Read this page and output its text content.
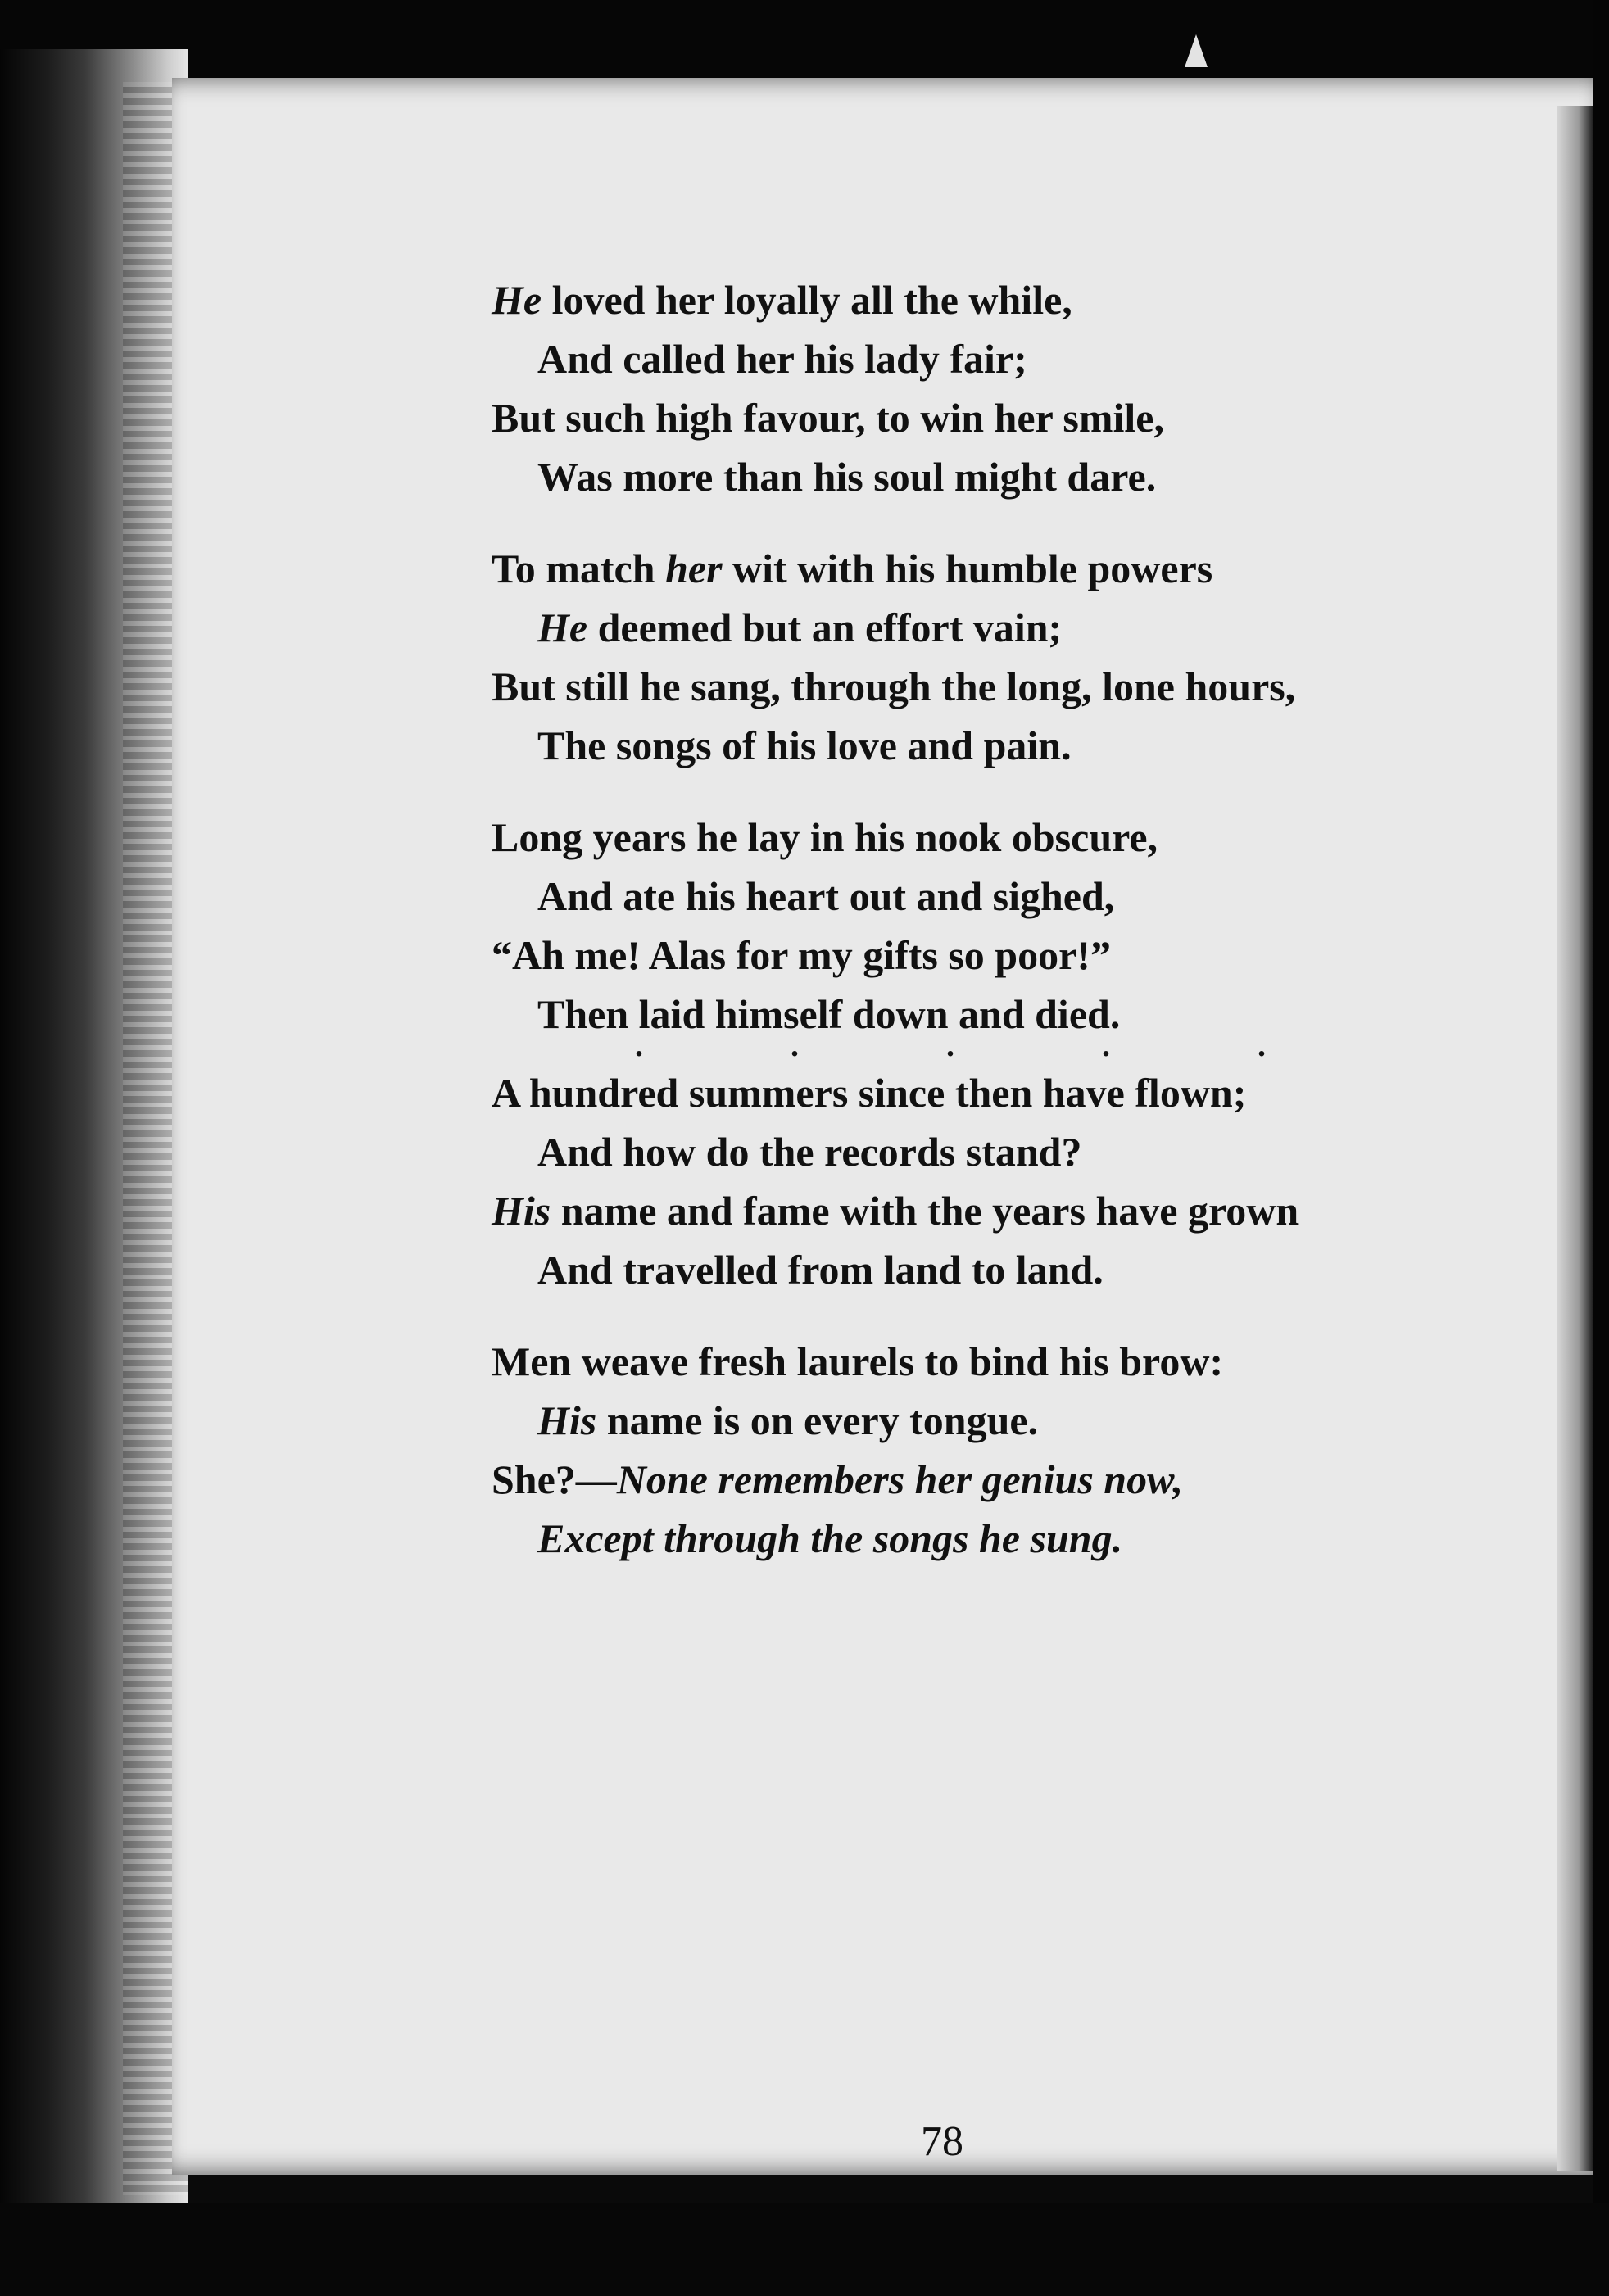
He loved her loyally all the while,
And called her his lady fair;
But such high favour, to win her smile,
Was more than his soul might dare.
To match her wit with his humble powers
He deemed but an effort vain;
But still he sang, through the long, lone hours,
The songs of his love and pain.
Long years he lay in his nook obscure,
And ate his heart out and sighed,
“Ah me! Alas for my gifts so poor!”
Then laid himself down and died.
.	.	.	.	.
A hundred summers since then have flown;
And how do the records stand?
His name and fame with the years have grown
And travelled from land to land.
Men weave fresh laurels to bind his brow:
His name is on every tongue.
She?—None remembers her genius now,
Except through the songs he sung.
78
